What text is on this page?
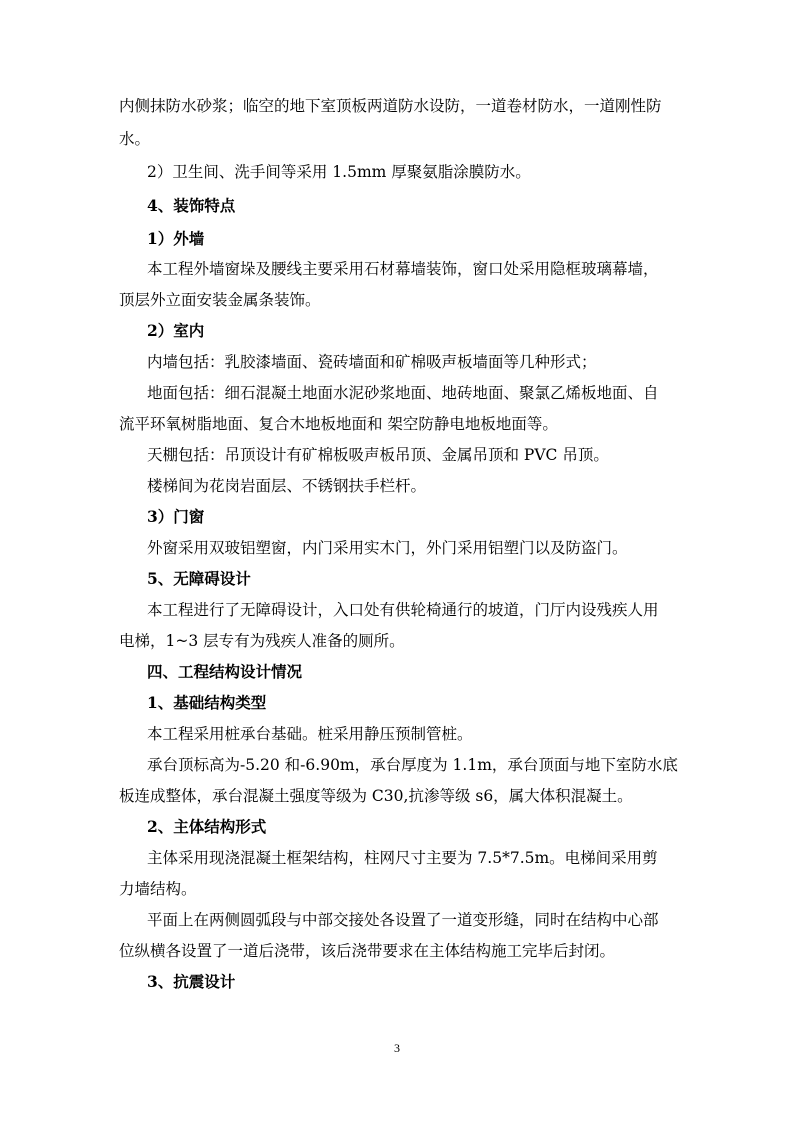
内侧抹防水砂浆；临空的地下室顶板两道防水设防，一道卷材防水，一道刚性防
水。
2）卫生间、洗手间等采用 1.5mm 厚聚氨脂涂膜防水。
4、装饰特点
1）外墙
本工程外墙窗垛及腰线主要采用石材幕墙装饰，窗口处采用隐框玻璃幕墙，
顶层外立面安装金属条装饰。
2）室内
内墙包括：乳胶漆墙面、瓷砖墙面和矿棉吸声板墙面等几种形式；
地面包括：细石混凝土地面水泥砂浆地面、地砖地面、聚氯乙烯板地面、自
流平环氧树脂地面、复合木地板地面和 架空防静电地板地面等。
天棚包括：吊顶设计有矿棉板吸声板吊顶、金属吊顶和 PVC 吊顶。
楼梯间为花岗岩面层、不锈钢扶手栏杆。
3）门窗
外窗采用双玻铝塑窗，内门采用实木门，外门采用铝塑门以及防盗门。
5、无障碍设计
本工程进行了无障碍设计，入口处有供轮椅通行的坡道，门厅内设残疾人用
电梯，1~3 层专有为残疾人准备的厕所。
四、工程结构设计情况
1、基础结构类型
本工程采用桩承台基础。桩采用静压预制管桩。
承台顶标高为-5.20 和-6.90m，承台厚度为 1.1m，承台顶面与地下室防水底
板连成整体，承台混凝土强度等级为 C30,抗渗等级 s6，属大体积混凝土。
2、主体结构形式
主体采用现浇混凝土框架结构，柱网尺寸主要为 7.5*7.5m。电梯间采用剪
力墙结构。
平面上在两侧圆弧段与中部交接处各设置了一道变形缝，同时在结构中心部
位纵横各设置了一道后浇带，该后浇带要求在主体结构施工完毕后封闭。
3、抗震设计
3
